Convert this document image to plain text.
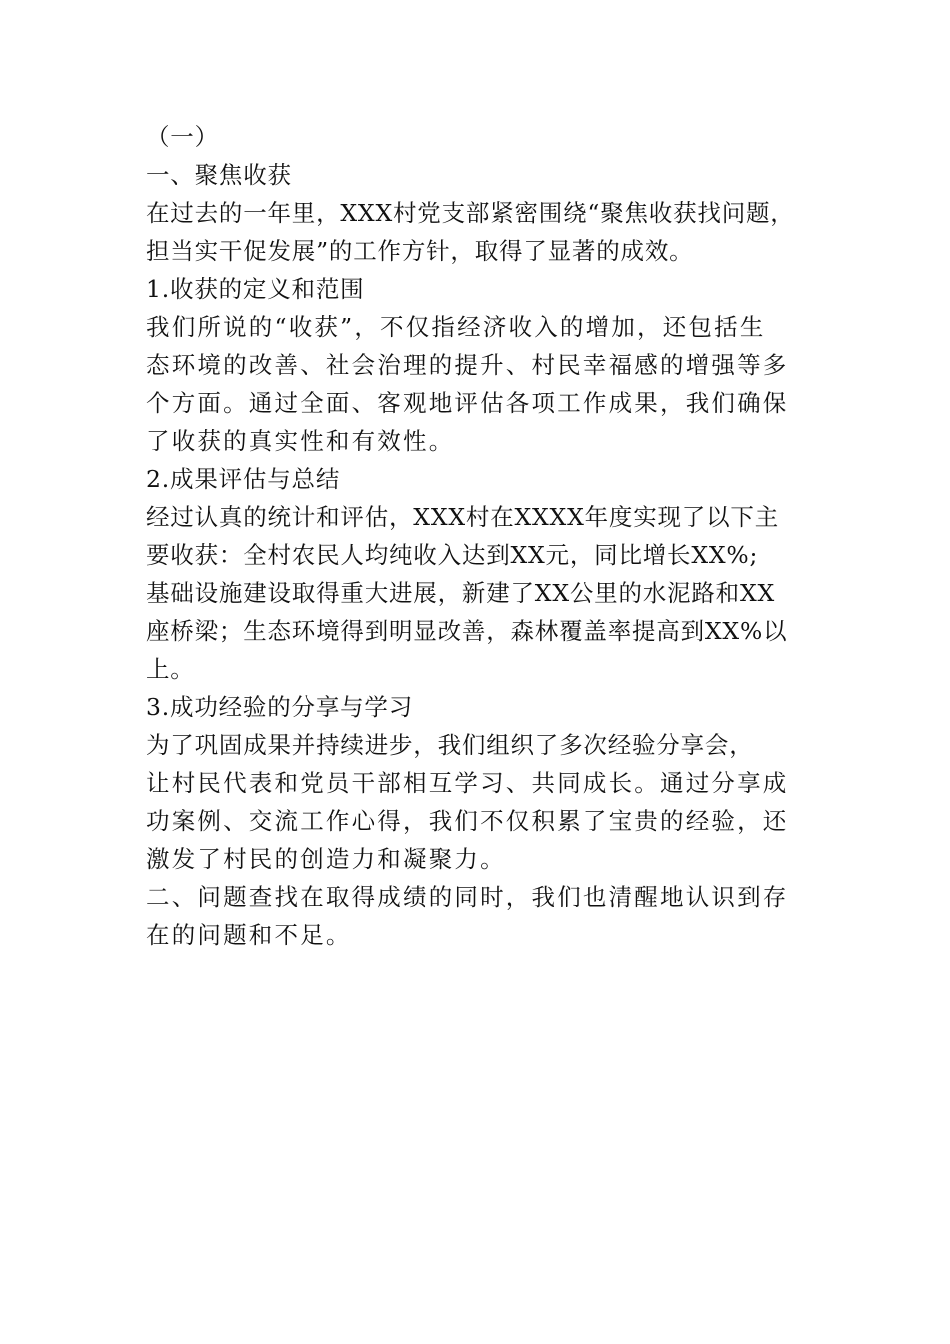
（一）
一、聚焦收获
在过去的一年里，XXX村党支部紧密围绕“聚焦收获找问题，
担当实干促发展”的工作方针，取得了显著的成效。
1.收获的定义和范围
我们所说的“收获”，不仅指经济收入的增加，还包括生
态环境的改善、社会治理的提升、村民幸福感的增强等多
个方面。通过全面、客观地评估各项工作成果，我们确保
了收获的真实性和有效性。
2.成果评估与总结
经过认真的统计和评估，XXX村在XXXX年度实现了以下主
要收获：全村农民人均纯收入达到XX元，同比增长XX%;
基础设施建设取得重大进展，新建了XX公里的水泥路和XX
座桥梁；生态环境得到明显改善，森林覆盖率提高到XX%以
上。
3.成功经验的分享与学习
为了巩固成果并持续进步，我们组织了多次经验分享会，
让村民代表和党员干部相互学习、共同成长。通过分享成
功案例、交流工作心得，我们不仅积累了宝贵的经验，还
激发了村民的创造力和凝聚力。
二、问题查找在取得成绩的同时，我们也清醒地认识到存
在的问题和不足。
